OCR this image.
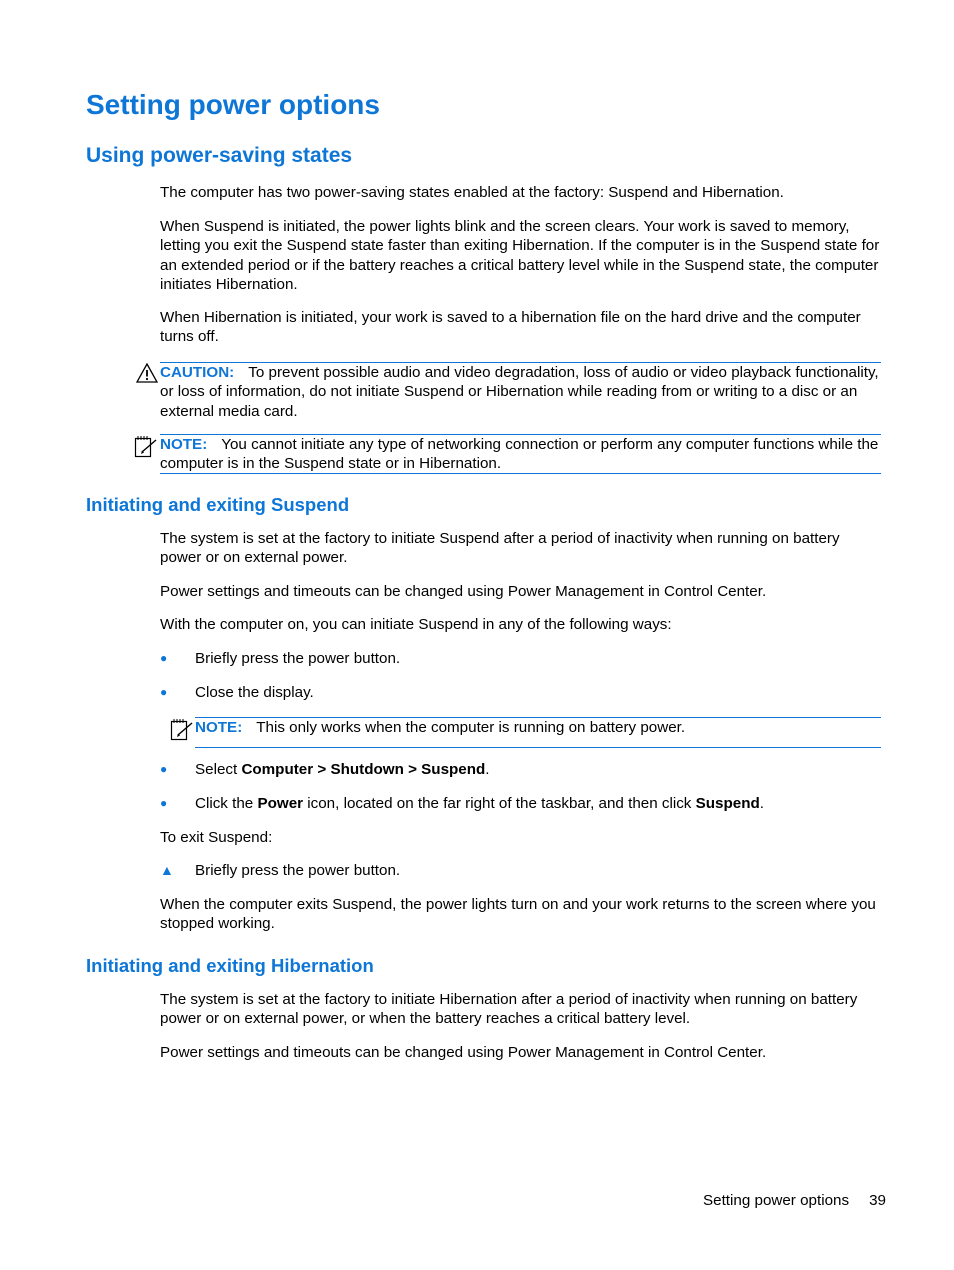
Setting power options
Using power-saving states

The computer has two power-saving states enabled at the factory: Suspend and Hibernation.

When Suspend is initiated, the power lights blink and the screen clears. Your work is saved to memory, letting you exit the Suspend state faster than exiting Hibernation. If the computer is in the Suspend state for an extended period or if the battery reaches a critical battery level while in the Suspend state, the computer initiates Hibernation.

When Hibernation is initiated, your work is saved to a hibernation file on the hard drive and the computer turns off.

CAUTION: To prevent possible audio and video degradation, loss of audio or video playback functionality, or loss of information, do not initiate Suspend or Hibernation while reading from or writing to a disc or an external media card.
NOTE: You cannot initiate any type of networking connection or perform any computer functions while the computer is in the Suspend state or in Hibernation.
Initiating and exiting Suspend

The system is set at the factory to initiate Suspend after a period of inactivity when running on battery power or on external power.

Power settings and timeouts can be changed using Power Management in Control Center.

With the computer on, you can initiate Suspend in any of the following ways:

●	Briefly press the power button.
●	Close the display.
NOTE: This only works when the computer is running on battery power.
●	Select Computer > Shutdown > Suspend.
●	Click the Power icon, located on the far right of the taskbar, and then click Suspend.

To exit Suspend:

▲	Briefly press the power button.

When the computer exits Suspend, the power lights turn on and your work returns to the screen where you stopped working.

Initiating and exiting Hibernation

The system is set at the factory to initiate Hibernation after a period of inactivity when running on battery power or on external power, or when the battery reaches a critical battery level.

Power settings and timeouts can be changed using Power Management in Control Center.

Setting power options 39
